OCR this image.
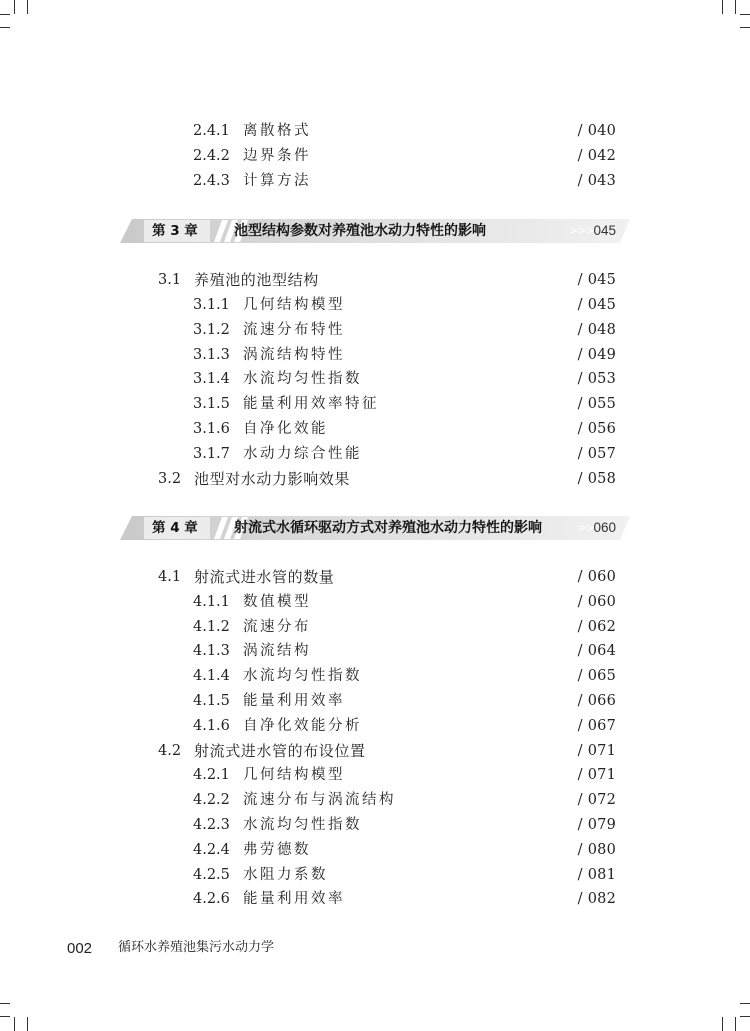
2.4.1 离散格式	/ 040
2.4.2 边界条件	/ 042
2.4.3 计算方法	/ 043
第 3 章	池型结构参数对养殖池水动力特性的影响	>>> 045
3.1 养殖池的池型结构	/ 045
3.1.1 几何结构模型	/ 045
3.1.2 流速分布特性	/ 048
3.1.3 涡流结构特性	/ 049
3.1.4 水流均匀性指数	/ 053
3.1.5 能量利用效率特征	/ 055
3.1.6 自净化效能	/ 056
3.1.7 水动力综合性能	/ 057
3.2 池型对水动力影响效果	/ 058
第 4 章	射流式水循环驱动方式对养殖池水动力特性的影响	>> 060
4.1 射流式进水管的数量	/ 060
4.1.1 数值模型	/ 060
4.1.2 流速分布	/ 062
4.1.3 涡流结构	/ 064
4.1.4 水流均匀性指数	/ 065
4.1.5 能量利用效率	/ 066
4.1.6 自净化效能分析	/ 067
4.2 射流式进水管的布设位置	/ 071
4.2.1 几何结构模型	/ 071
4.2.2 流速分布与涡流结构	/ 072
4.2.3 水流均匀性指数	/ 079
4.2.4 弗劳德数	/ 080
4.2.5 水阻力系数	/ 081
4.2.6 能量利用效率	/ 082
002 循环水养殖池集污水动力学
